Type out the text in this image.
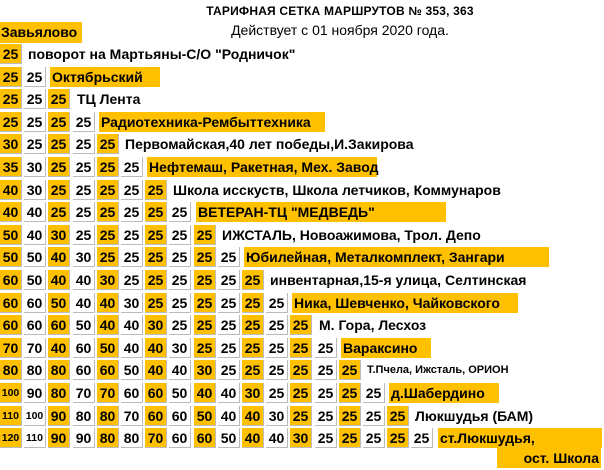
ТАРИФНАЯ СЕТКА МАРШРУТОВ № 353, 363
Действует с 01 ноября 2020 года.
Завьялово
25 поворот на Мартьяны-С/О "Родничок"
25 25 Октябрьский
25 25 25 ТЦ Лента
25 25 25 25 Радиотехника-Рембыттехника
30 25 25 25 25 Первомайская,40 лет победы,И.Закирова
35 30 25 25 25 25 Нефтемаш, Ракетная, Мех. Завод
40 30 25 25 25 25 25 Школа исскуств, Школа летчиков, Коммунаров
40 40 25 25 25 25 25 25 ВЕТЕРАН-ТЦ "МЕДВЕДЬ"
50 40 30 25 25 25 25 25 25 ИЖСТАЛЬ, Новоажимова, Трол. Депо
50 50 40 30 25 25 25 25 25 25 Юбилейная, Металкомплект, Зангари
60 50 40 40 30 25 25 25 25 25 25 инвентарная,15-я улица, Селтинская
60 60 50 40 40 30 25 25 25 25 25 25 Ника, Шевченко, Чайковского
60 60 60 50 40 40 30 25 25 25 25 25 25 М. Гора, Лесхоз
70 70 40 60 50 40 40 30 25 25 25 25 25 25 Вараксино
80 80 80 60 60 50 40 40 30 25 25 25 25 25 25 Т.Пчела, Ижсталь, ОРИОН
100 90 80 70 70 60 60 50 40 40 30 25 25 25 25 25 д.Шабердино
110 100 90 80 80 70 60 60 50 40 40 30 25 25 25 25 25 Люкшудья (БАМ)
120 110 90 90 80 80 70 60 60 50 40 40 30 25 25 25 25 25 ст.Люкшудья,
ост. Школа
